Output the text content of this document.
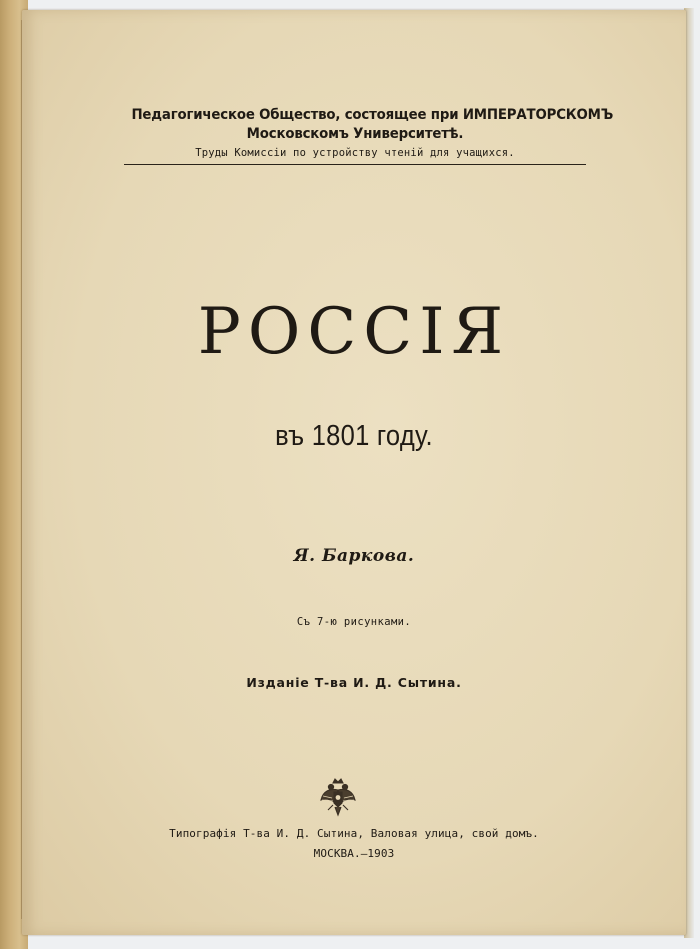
Педагогическое Общество, состоящее при ИМПЕРАТОРСКОМЪ
Московскомъ Университетѣ.
Труды Комиссіи по устройству чтеній для учащихся.
РОССІЯ
въ 1801 году.
Я. Баркова.
Съ 7-ю рисунками.
Изданіе Т-ва И. Д. Сытина.
Типографія Т-ва И. Д. Сытина, Валовая улица, свой домъ.
МОСКВА.—1903
